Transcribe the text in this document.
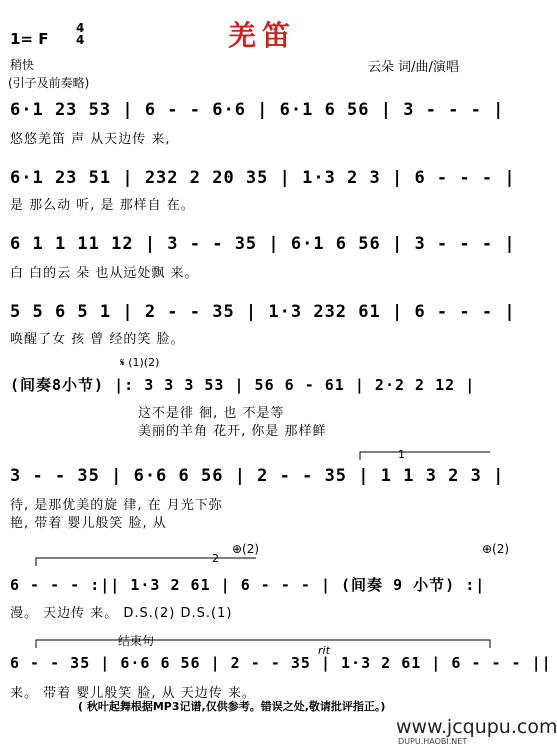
羌笛
1= F
4
4
稍快
(引子及前奏略)
云朵 词/曲/演唱
6·1 23 53 | 6 - - 6·6 | 6·1 6 56 | 3 - - - |
悠悠羌笛 声 从天边传 来,
6·1 23 51 | 232 2 20 35 | 1·3 2 3 | 6 - - - |
是 那么动 听, 是 那样自 在。
6 1 1 11 12 | 3 - - 35 | 6·1 6 56 | 3 - - - |
白 白的云 朵 也从远处飘 来。
5 5 6 5 1 | 2 - - 35 | 1·3 232 61 | 6 - - - |
唤醒了女 孩 曾 经的笑 脸。
𝄋 (1)(2)
(间奏8小节) |: 3 3 3 53 | 56 6 - 61 | 2·2 2 12 |
这不是徘 徊, 也 不是等
美丽的羊角 花开, 你是 那样鲜
1
3 - - 35 | 6·6 6 56 | 2 - - 35 | 1 1 3 2 3 |
待, 是那优美的旋 律, 在 月光下弥
艳, 带着 婴儿般笑 脸, 从
2
⊕(2)	⊕(2)
6 - - - :|| 1·3 2 61 | 6 - - - | (间奏 9 小节) :|
漫。 天边传 来。 D.S.(2) D.S.(1)
结束句
rit
6 - - 35 | 6·6 6 56 | 2 - - 35 | 1·3 2 61 | 6 - - - ||
来。 带着 婴儿般笑 脸, 从 天边传 来。
( 秋叶起舞根据MP3记谱,仅供参考。错误之处,敬请批评指正。)
www.jcqupu.com
DUPU.HAOBI.NET
